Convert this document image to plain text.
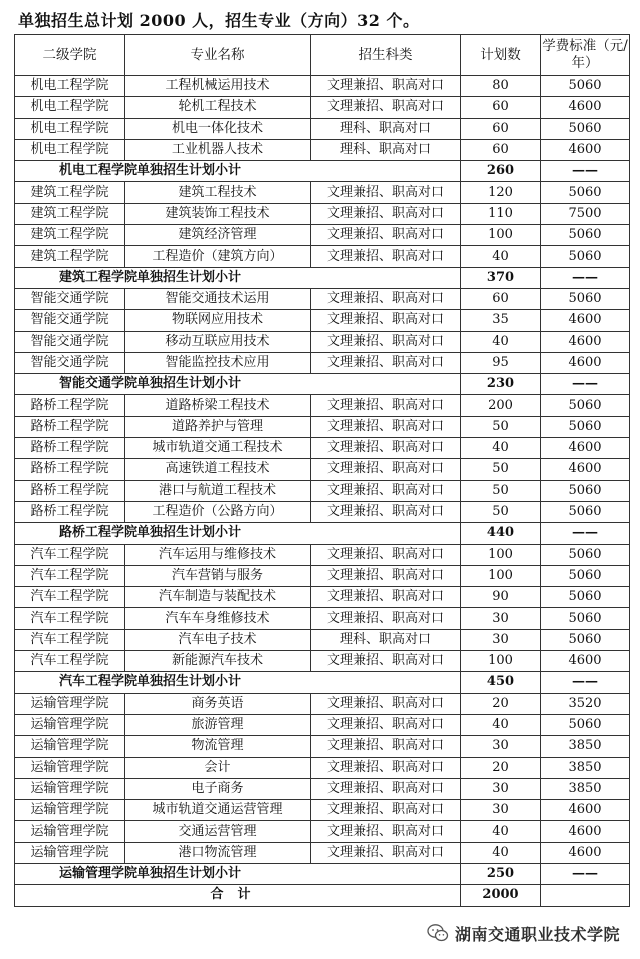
单独招生总计划 2000 人，招生专业（方向）32 个。
二级学院	专业名称	招生科类	计划数	学费标准（元/年）
机电工程学院	工程机械运用技术	文理兼招、职高对口	80	5060
机电工程学院	轮机工程技术	文理兼招、职高对口	60	4600
机电工程学院	机电一体化技术	理科、职高对口	60	5060
机电工程学院	工业机器人技术	理科、职高对口	60	4600
机电工程学院单独招生计划小计			260	——
建筑工程学院	建筑工程技术	文理兼招、职高对口	120	5060
建筑工程学院	建筑装饰工程技术	文理兼招、职高对口	110	7500
建筑工程学院	建筑经济管理	文理兼招、职高对口	100	5060
建筑工程学院	工程造价（建筑方向）	文理兼招、职高对口	40	5060
建筑工程学院单独招生计划小计			370	——
智能交通学院	智能交通技术运用	文理兼招、职高对口	60	5060
智能交通学院	物联网应用技术	文理兼招、职高对口	35	4600
智能交通学院	移动互联应用技术	文理兼招、职高对口	40	4600
智能交通学院	智能监控技术应用	文理兼招、职高对口	95	4600
智能交通学院单独招生计划小计			230	——
路桥工程学院	道路桥梁工程技术	文理兼招、职高对口	200	5060
路桥工程学院	道路养护与管理	文理兼招、职高对口	50	5060
路桥工程学院	城市轨道交通工程技术	文理兼招、职高对口	40	4600
路桥工程学院	高速铁道工程技术	文理兼招、职高对口	50	4600
路桥工程学院	港口与航道工程技术	文理兼招、职高对口	50	5060
路桥工程学院	工程造价（公路方向）	文理兼招、职高对口	50	5060
路桥工程学院单独招生计划小计			440	——
汽车工程学院	汽车运用与维修技术	文理兼招、职高对口	100	5060
汽车工程学院	汽车营销与服务	文理兼招、职高对口	100	5060
汽车工程学院	汽车制造与装配技术	文理兼招、职高对口	90	5060
汽车工程学院	汽车车身维修技术	文理兼招、职高对口	30	5060
汽车工程学院	汽车电子技术	理科、职高对口	30	5060
汽车工程学院	新能源汽车技术	文理兼招、职高对口	100	4600
汽车工程学院单独招生计划小计			450	——
运输管理学院	商务英语	文理兼招、职高对口	20	3520
运输管理学院	旅游管理	文理兼招、职高对口	40	5060
运输管理学院	物流管理	文理兼招、职高对口	30	3850
运输管理学院	会计	文理兼招、职高对口	20	3850
运输管理学院	电子商务	文理兼招、职高对口	30	3850
运输管理学院	城市轨道交通运营管理	文理兼招、职高对口	30	4600
运输管理学院	交通运营管理	文理兼招、职高对口	40	4600
运输管理学院	港口物流管理	文理兼招、职高对口	40	4600
运输管理学院单独招生计划小计			250	——
合计			2000	
湖南交通职业技术学院
